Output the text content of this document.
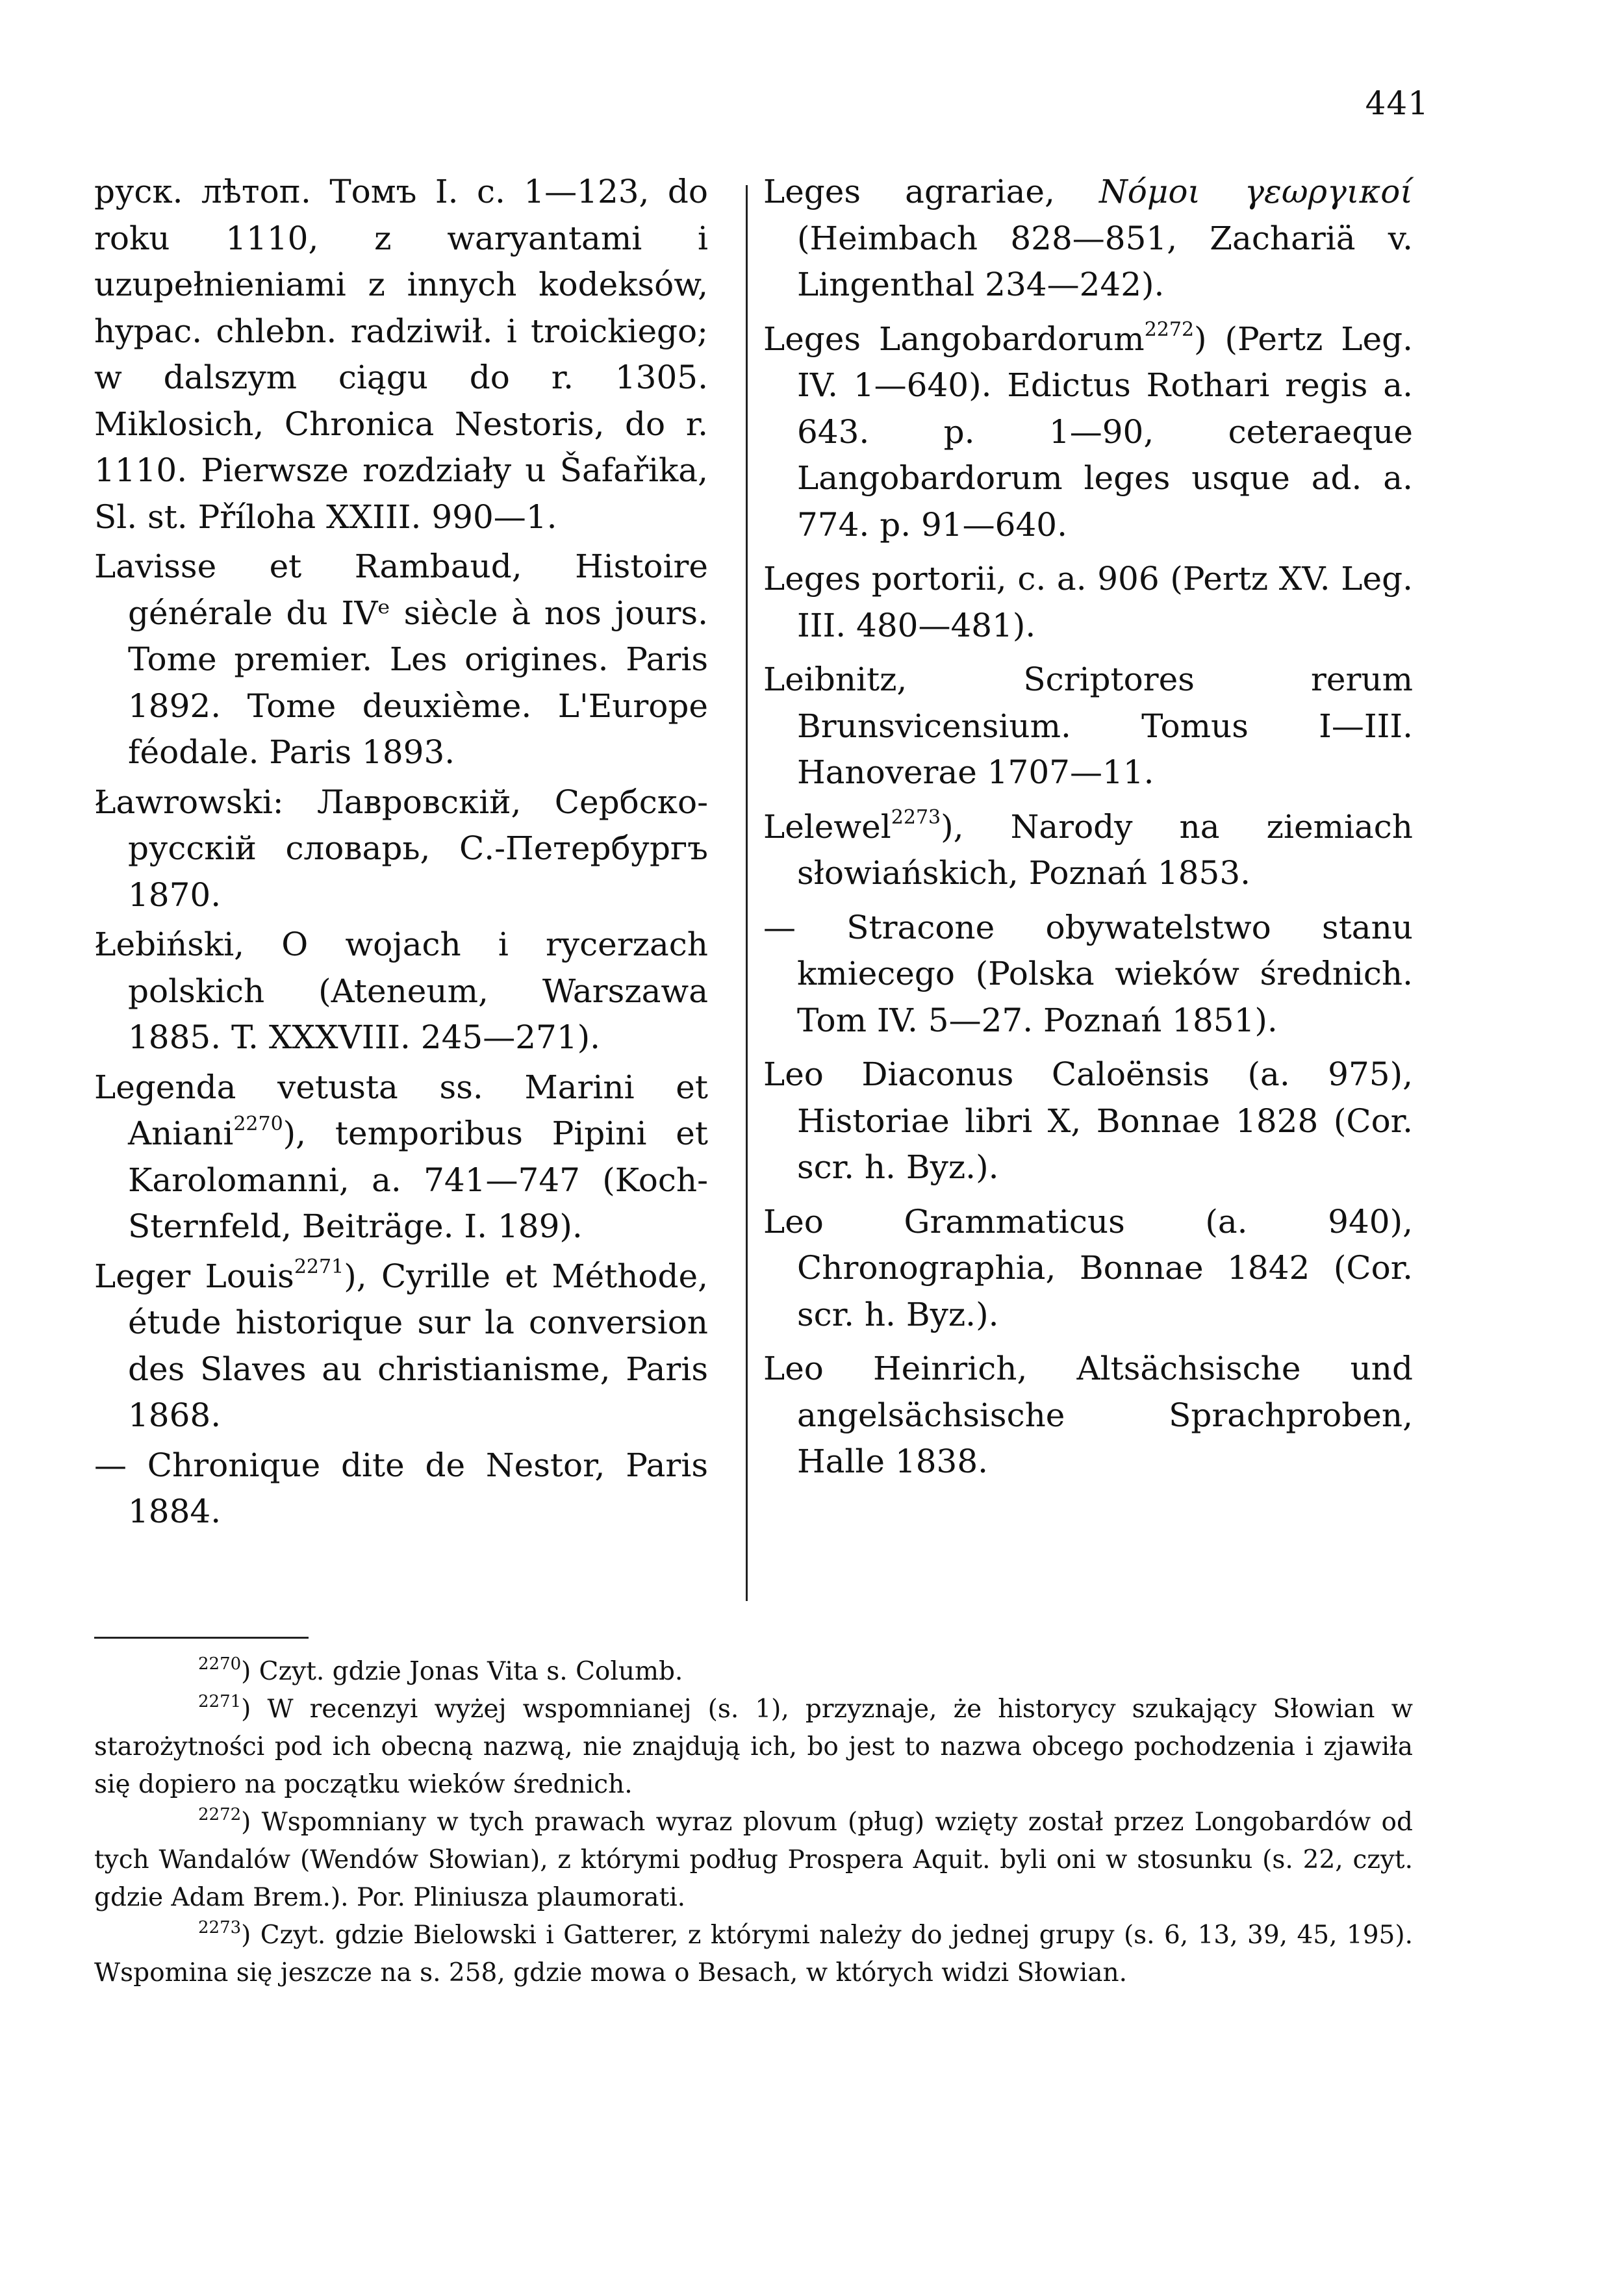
441

руск. лѣтоп. Томъ I. с. 1—123, do roku 1110, z waryantami i uzupełnieniami z innych kodeksów, hypac. chlebn. radziwił. i troickiego; w dalszym ciągu do r. 1305. Miklosich, Chronica Nestoris, do r. 1110. Pierwsze rozdziały u Šafařika, Sl. st. Příloha XXIII. 990—1.

Lavisse et Rambaud, Histoire générale du IVᵉ siècle à nos jours. Tome premier. Les origines. Paris 1892. Tome deuxième. L'Europe féodale. Paris 1893.

Ławrowski: Лавровскій, Сербско-русскій словарь, С.-Петербургъ 1870.

Łebiński, O wojach i rycerzach polskich (Ateneum, Warszawa 1885. T. XXXVIII. 245—271).

Legenda vetusta ss. Marini et Aniani$^{2270}$), temporibus Pipini et Karolomanni, a. 741—747 (Koch-Sternfeld, Beiträge. I. 189).

Leger Louis$^{2271}$), Cyrille et Méthode, étude historique sur la conversion des Slaves au christianisme, Paris 1868.

— Chronique dite de Nestor, Paris 1884.

Leges agrariae, Νόμοι γεωργικοί (Heimbach 828—851, Zachariä v. Lingenthal 234—242).

Leges Langobardorum$^{2272}$) (Pertz Leg. IV. 1—640). Edictus Rothari regis a. 643. p. 1—90, ceteraeque Langobardorum leges usque ad. a. 774. p. 91—640.

Leges portorii, c. a. 906 (Pertz XV. Leg. III. 480—481).

Leibnitz, Scriptores rerum Brunsvicensium. Tomus I—III. Hanoverae 1707—11.

Lelewel$^{2273}$), Narody na ziemiach słowiańskich, Poznań 1853.

— Stracone obywatelstwo stanu kmiecego (Polska wieków średnich. Tom IV. 5—27. Poznań 1851).

Leo Diaconus Caloënsis (a. 975), Historiae libri X, Bonnae 1828 (Cor. scr. h. Byz.).

Leo Grammaticus (a. 940), Chronographia, Bonnae 1842 (Cor. scr. h. Byz.).

Leo Heinrich, Altsächsische und angelsächsische Sprachproben, Halle 1838.

$^{2270}$) Czyt. gdzie Jonas Vita s. Columb.

$^{2271}$) W recenzyi wyżej wspomnianej (s. 1), przyznaje, że historycy szukający Słowian w starożytności pod ich obecną nazwą, nie znajdują ich, bo jest to nazwa obcego pochodzenia i zjawiła się dopiero na początku wieków średnich.

$^{2272}$) Wspomniany w tych prawach wyraz plovum (pług) wzięty został przez Longobardów od tych Wandalów (Wendów Słowian), z którymi podług Prospera Aquit. byli oni w stosunku (s. 22, czyt. gdzie Adam Brem.). Por. Pliniusza plaumorati.

$^{2273}$) Czyt. gdzie Bielowski i Gatterer, z którymi należy do jednej grupy (s. 6, 13, 39, 45, 195). Wspomina się jeszcze na s. 258, gdzie mowa o Besach, w których widzi Słowian.
